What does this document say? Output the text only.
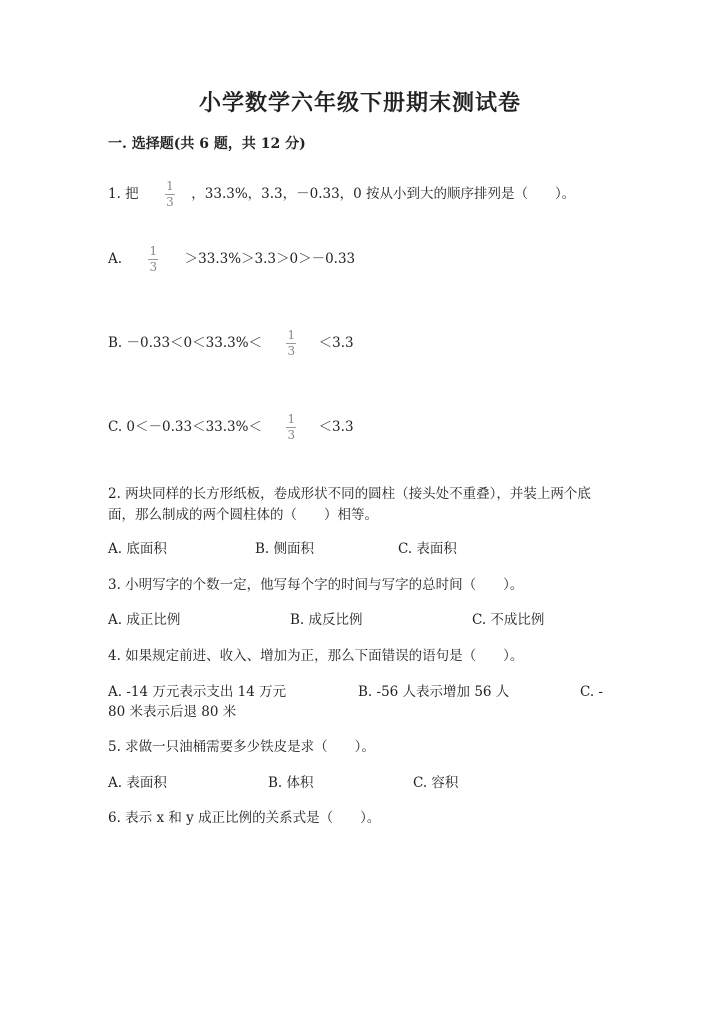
小学数学六年级下册期末测试卷
一. 选择题(共 6 题，共 12 分)
1. 把 $\frac{1}{3}$ ，33.3%，3.3，－0.33，0 按从小到大的顺序排列是（　　）。
A. $\frac{1}{3} >33.3\%>3.3>0>-0.33$
B. $-0.33<0<33.3\%< \frac{1}{3} <3.3$
C. $0<-0.33<33.3\%< \frac{1}{3} <3.3$
2. 两块同样的长方形纸板，卷成形状不同的圆柱（接头处不重叠），并装上两个底面，那么制成的两个圆柱体的（　　）相等。
A. 底面积	B. 侧面积	C. 表面积
3. 小明写字的个数一定，他写每个字的时间与写字的总时间（　　）。
A. 成正比例	B. 成反比例	C. 不成比例
4. 如果规定前进、收入、增加为正，那么下面错误的语句是（　　）。
A. -14 万元表示支出 14 万元	B. -56 人表示增加 56 人	C. -
80 米表示后退 80 米
5. 求做一只油桶需要多少铁皮是求（　　）。
A. 表面积	B. 体积	C. 容积
6. 表示 x 和 y 成正比例的关系式是（　　）。
